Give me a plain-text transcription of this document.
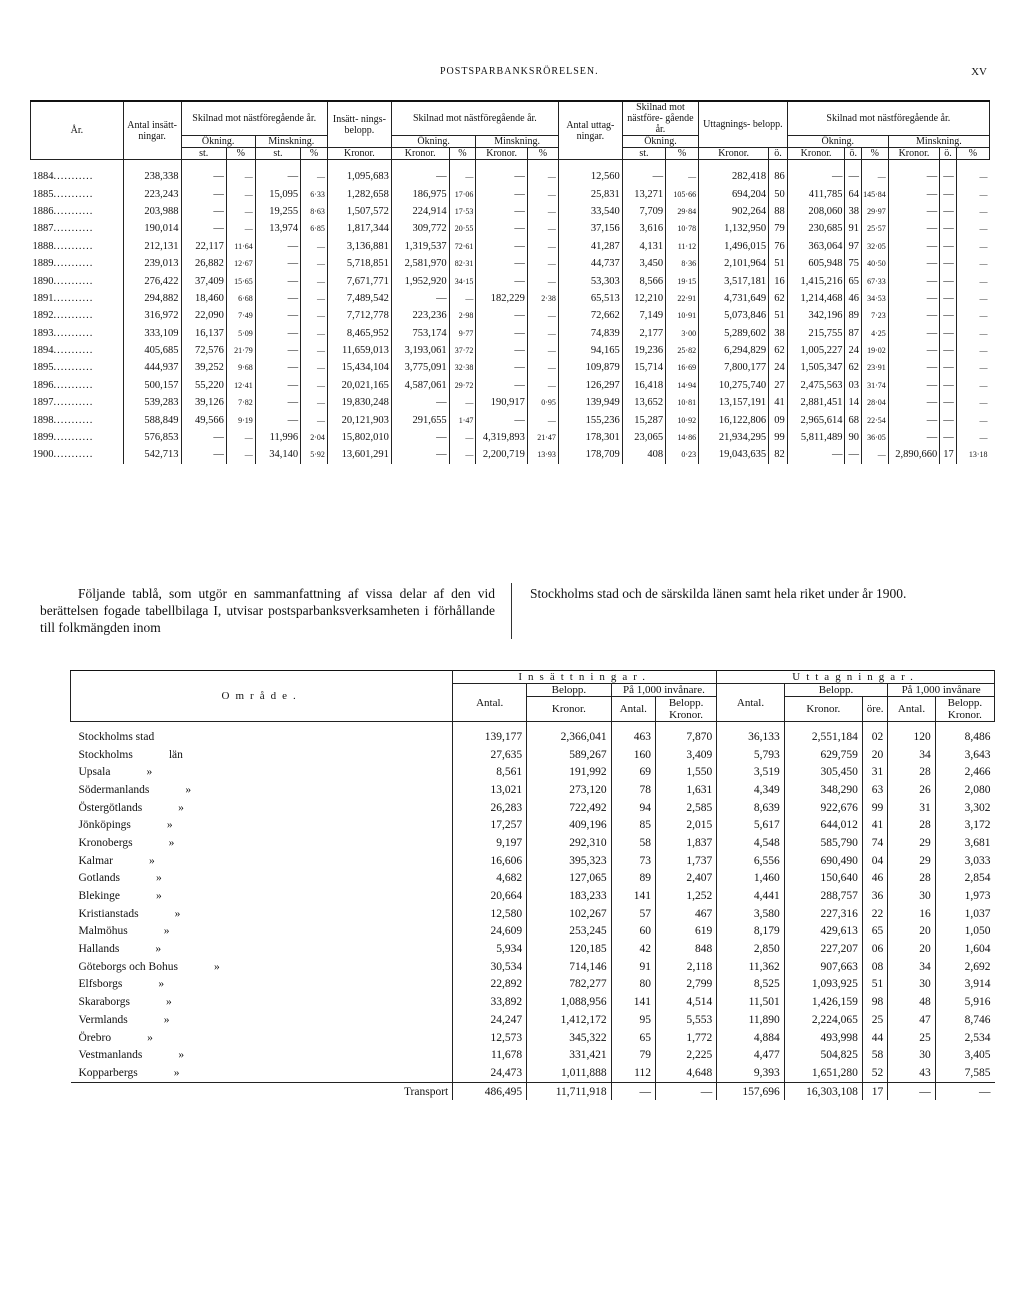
POSTSPARBANKSRÖRELSEN.	XV
År.	Antal insätt- ningar.	Skilnad mot nästföregående år.				Insätt- nings- belopp.	Skilnad mot nästföregående år.				Antal uttag- ningar.	Skilnad mot nästföre- gående år.		Uttagnings- belopp.		Skilnad mot nästföregående år.					
		Ökning.		Minskning.			Ökning.		Minskning.			Ökning.				Ökning.			Minskning.		
		st.	%	st.	%	Kronor.	Kronor.	%	Kronor.	%		st.	%	Kronor.	ö.	Kronor.	ö.	%	Kronor.	ö.	%
1884...........	238,338	—	—	—	—	1,095,683	—	—	—	—	12,560	—	—	282,418	86	—	—	—	—	—	—
1885...........	223,243	—	—	15,095	6·33	1,282,658	186,975	17·06	—	—	25,831	13,271	105·66	694,204	50	411,785	64	145·84	—	—	—
1886...........	203,988	—	—	19,255	8·63	1,507,572	224,914	17·53	—	—	33,540	7,709	29·84	902,264	88	208,060	38	29·97	—	—	—
1887...........	190,014	—	—	13,974	6·85	1,817,344	309,772	20·55	—	—	37,156	3,616	10·78	1,132,950	79	230,685	91	25·57	—	—	—
1888...........	212,131	22,117	11·64	—	—	3,136,881	1,319,537	72·61	—	—	41,287	4,131	11·12	1,496,015	76	363,064	97	32·05	—	—	—
1889...........	239,013	26,882	12·67	—	—	5,718,851	2,581,970	82·31	—	—	44,737	3,450	8·36	2,101,964	51	605,948	75	40·50	—	—	—
1890...........	276,422	37,409	15·65	—	—	7,671,771	1,952,920	34·15	—	—	53,303	8,566	19·15	3,517,181	16	1,415,216	65	67·33	—	—	—
1891...........	294,882	18,460	6·68	—	—	7,489,542	—	—	182,229	2·38	65,513	12,210	22·91	4,731,649	62	1,214,468	46	34·53	—	—	—
1892...........	316,972	22,090	7·49	—	—	7,712,778	223,236	2·98	—	—	72,662	7,149	10·91	5,073,846	51	342,196	89	7·23	—	—	—
1893...........	333,109	16,137	5·09	—	—	8,465,952	753,174	9·77	—	—	74,839	2,177	3·00	5,289,602	38	215,755	87	4·25	—	—	—
1894...........	405,685	72,576	21·79	—	—	11,659,013	3,193,061	37·72	—	—	94,165	19,236	25·82	6,294,829	62	1,005,227	24	19·02	—	—	—
1895...........	444,937	39,252	9·68	—	—	15,434,104	3,775,091	32·38	—	—	109,879	15,714	16·69	7,800,177	24	1,505,347	62	23·91	—	—	—
1896...........	500,157	55,220	12·41	—	—	20,021,165	4,587,061	29·72	—	—	126,297	16,418	14·94	10,275,740	27	2,475,563	03	31·74	—	—	—
1897...........	539,283	39,126	7·82	—	—	19,830,248	—	—	190,917	0·95	139,949	13,652	10·81	13,157,191	41	2,881,451	14	28·04	—	—	—
1898...........	588,849	49,566	9·19	—	—	20,121,903	291,655	1·47	—	—	155,236	15,287	10·92	16,122,806	09	2,965,614	68	22·54	—	—	—
1899...........	576,853	—	—	11,996	2·04	15,802,010	—	—	4,319,893	21·47	178,301	23,065	14·86	21,934,295	99	5,811,489	90	36·05	—	—	—
1900...........	542,713	—	—	34,140	5·92	13,601,291	—	—	2,200,719	13·93	178,709	408	0·23	19,043,635	82	—	—	—	2,890,660	17	13·18
Följande tablå, som utgör en sammanfattning af vissa delar af den vid berättelsen fogade tabellbilaga I, utvisar postsparbanksverksamheten i förhållande till folkmängden inom
Stockholms stad och de särskilda länen samt hela riket under år 1900.
Område.	Insättningar.				Uttagningar.				
	Antal.	Belopp.	På 1,000 invånare.		Antal.	Belopp.		På 1,000 invånare	
		Kronor.	Antal.	Belopp. Kronor.		Kronor.	öre.	Antal.	Belopp. Kronor.
Stockholms stad	139,177	2,366,041	463	7,870	36,133	2,551,184	02	120	8,486
Stockholms län	27,635	589,267	160	3,409	5,793	629,759	20	34	3,643
Upsala »	8,561	191,992	69	1,550	3,519	305,450	31	28	2,466
Södermanlands »	13,021	273,120	78	1,631	4,349	348,290	63	26	2,080
Östergötlands »	26,283	722,492	94	2,585	8,639	922,676	99	31	3,302
Jönköpings »	17,257	409,196	85	2,015	5,617	644,012	41	28	3,172
Kronobergs »	9,197	292,310	58	1,837	4,548	585,790	74	29	3,681
Kalmar »	16,606	395,323	73	1,737	6,556	690,490	04	29	3,033
Gotlands »	4,682	127,065	89	2,407	1,460	150,640	46	28	2,854
Blekinge »	20,664	183,233	141	1,252	4,441	288,757	36	30	1,973
Kristianstads »	12,580	102,267	57	467	3,580	227,316	22	16	1,037
Malmöhus »	24,609	253,245	60	619	8,179	429,613	65	20	1,050
Hallands »	5,934	120,185	42	848	2,850	227,207	06	20	1,604
Göteborgs och Bohus »	30,534	714,146	91	2,118	11,362	907,663	08	34	2,692
Elfsborgs »	22,892	782,277	80	2,799	8,525	1,093,925	51	30	3,914
Skaraborgs »	33,892	1,088,956	141	4,514	11,501	1,426,159	98	48	5,916
Vermlands »	24,247	1,412,172	95	5,553	11,890	2,224,065	25	47	8,746
Örebro »	12,573	345,322	65	1,772	4,884	493,998	44	25	2,534
Vestmanlands »	11,678	331,421	79	2,225	4,477	504,825	58	30	3,405
Kopparbergs »	24,473	1,011,888	112	4,648	9,393	1,651,280	52	43	7,585
Transport	486,495	11,711,918	—	—	157,696	16,303,108	17	—	—
